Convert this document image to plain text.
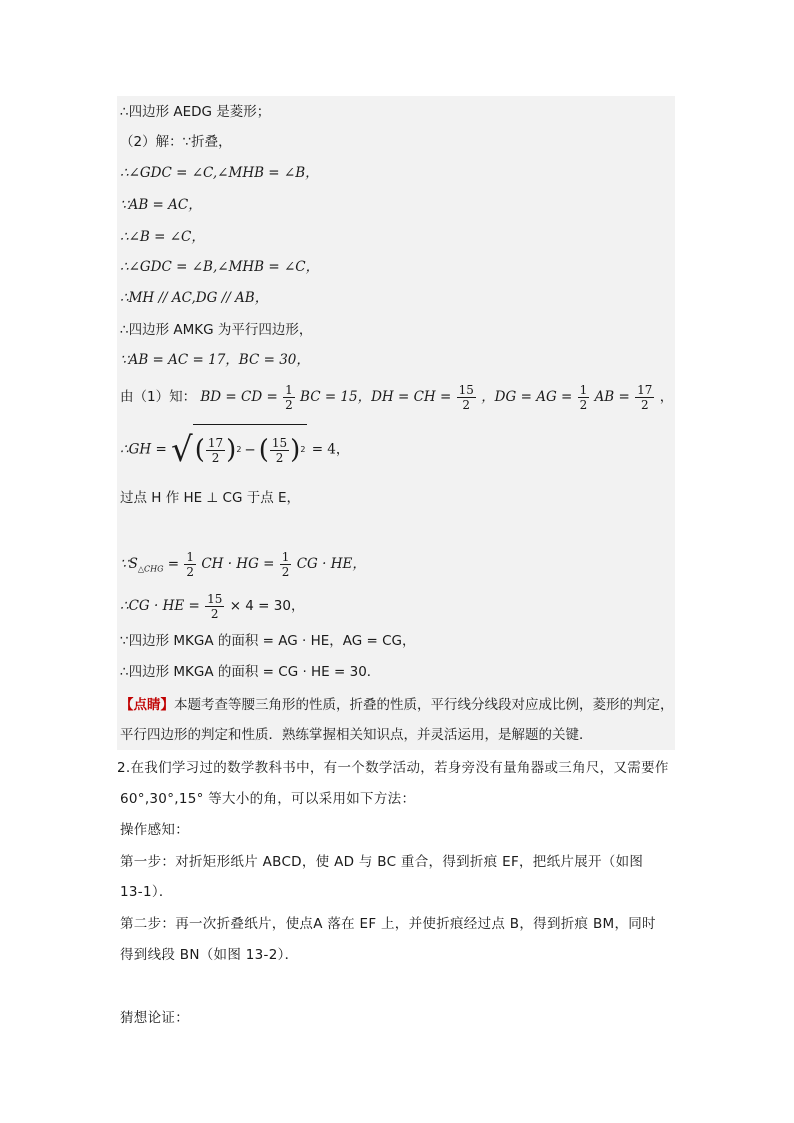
∴四边形 AEDG 是菱形；
（2）解：∵折叠，
∴∠GDC = ∠C,∠MHB = ∠B，
∵AB = AC，
∴∠B = ∠C，
∴∠GDC = ∠B,∠MHB = ∠C，
∴MH // AC,DG // AB，
∴四边形 AMKG 为平行四边形，
∵AB = AC = 17，BC = 30，
由（1）知： BD = CD = $\frac{1}{2}$ BC = 15，DH = CH = $\frac{15}{2}$ ，DG = AG = $\frac{1}{2}$ AB = $\frac{17}{2}$ ，
∴GH = √ ( $\frac{17}{2}$ ) 2 − ( $\frac{15}{2}$ ) 2 = 4，
过点 H 作 HE ⊥ CG 于点 E，
$\because S_{\triangle CHG} = \frac{1}{2}$ CH · HG = $\frac{1}{2}$ CG · HE，
∴CG · HE = $\frac{15}{2} \times 4 = 30$，
∵四边形 MKGA 的面积 = AG · HE，AG = CG，
∴四边形 MKGA 的面积 = CG · HE = 30．
【点睛】本题考查等腰三角形的性质，折叠的性质，平行线分线段对应成比例，菱形的判定，
平行四边形的判定和性质．熟练掌握相关知识点，并灵活运用，是解题的关键．
2.在我们学习过的数学教科书中，有一个数学活动，若身旁没有量角器或三角尺，又需要作
60°,30°,15° 等大小的角，可以采用如下方法：
操作感知：
第一步：对折矩形纸片 ABCD，使 AD 与 BC 重合，得到折痕 EF，把纸片展开（如图
13-1）．
第二步：再一次折叠纸片，使点A 落在 EF 上，并使折痕经过点 B，得到折痕 BM，同时
得到线段 BN（如图 13-2）．
猜想论证：
